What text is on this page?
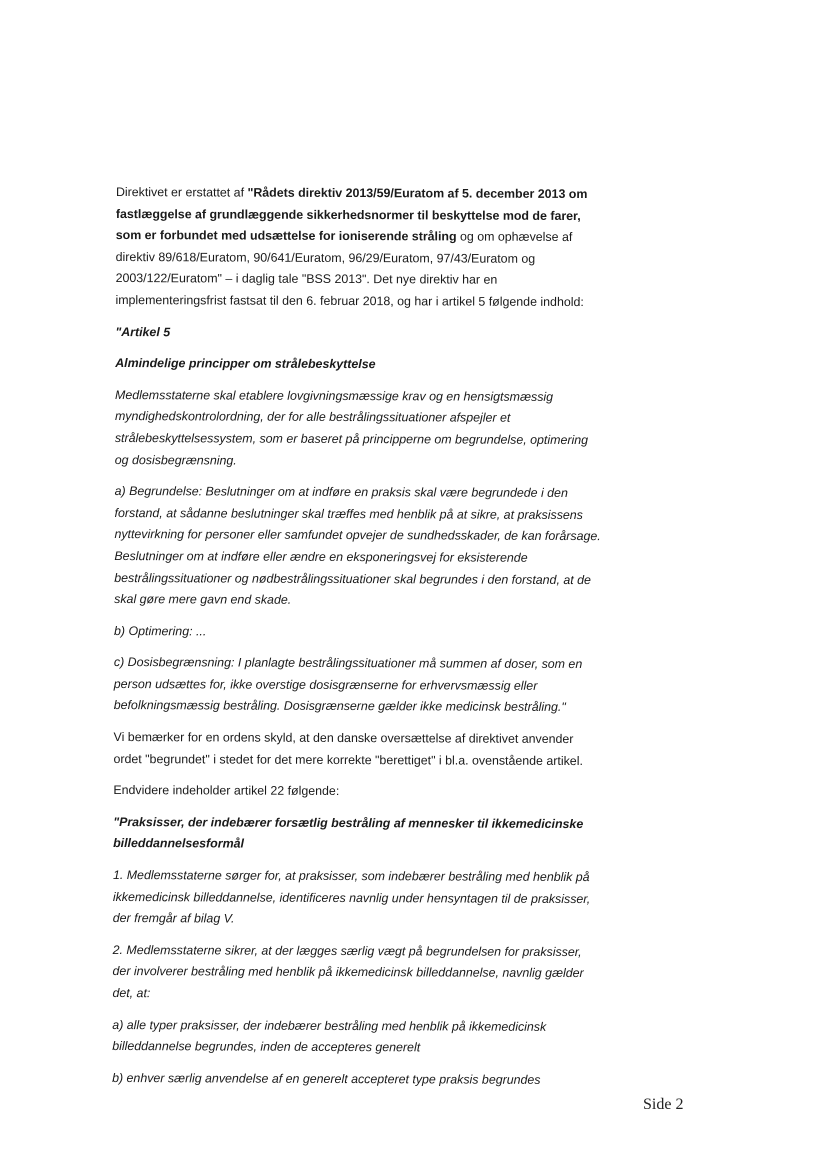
Direktivet er erstattet af "Rådets direktiv 2013/59/Euratom af 5. december 2013 om fastlæggelse af grundlæggende sikkerhedsnormer til beskyttelse mod de farer, som er forbundet med udsættelse for ioniserende stråling og om ophævelse af direktiv 89/618/Euratom, 90/641/Euratom, 96/29/Euratom, 97/43/Euratom og 2003/122/Euratom" – i daglig tale "BSS 2013". Det nye direktiv har en implementeringsfrist fastsat til den 6. februar 2018, og har i artikel 5 følgende indhold:

"Artikel 5

Almindelige principper om strålebeskyttelse

Medlemsstaterne skal etablere lovgivningsmæssige krav og en hensigtsmæssig myndighedskontrolordning, der for alle bestrålingssituationer afspejler et strålebeskyttelsessystem, som er baseret på principperne om begrundelse, optimering og dosisbegrænsning.

a) Begrundelse: Beslutninger om at indføre en praksis skal være begrundede i den forstand, at sådanne beslutninger skal træffes med henblik på at sikre, at praksissens nyttevirkning for personer eller samfundet opvejer de sundhedsskader, de kan forårsage. Beslutninger om at indføre eller ændre en eksponeringsvej for eksisterende bestrålingssituationer og nødbestrålingssituationer skal begrundes i den forstand, at de skal gøre mere gavn end skade.

b) Optimering: ...

c) Dosisbegrænsning: I planlagte bestrålingssituationer må summen af doser, som en person udsættes for, ikke overstige dosisgrænserne for erhvervsmæssig eller befolkningsmæssig bestråling. Dosisgrænserne gælder ikke medicinsk bestråling."

Vi bemærker for en ordens skyld, at den danske oversættelse af direktivet anvender ordet "begrundet" i stedet for det mere korrekte "berettiget" i bl.a. ovenstående artikel.

Endvidere indeholder artikel 22 følgende:

"Praksisser, der indebærer forsætlig bestråling af mennesker til ikkemedicinske billeddannelsesformål

1. Medlemsstaterne sørger for, at praksisser, som indebærer bestråling med henblik på ikkemedicinsk billeddannelse, identificeres navnlig under hensyntagen til de praksisser, der fremgår af bilag V.

2. Medlemsstaterne sikrer, at der lægges særlig vægt på begrundelsen for praksisser, der involverer bestråling med henblik på ikkemedicinsk billeddannelse, navnlig gælder det, at:

a) alle typer praksisser, der indebærer bestråling med henblik på ikkemedicinsk billeddannelse begrundes, inden de accepteres generelt

b) enhver særlig anvendelse af en generelt accepteret type praksis begrundes

Side 2
